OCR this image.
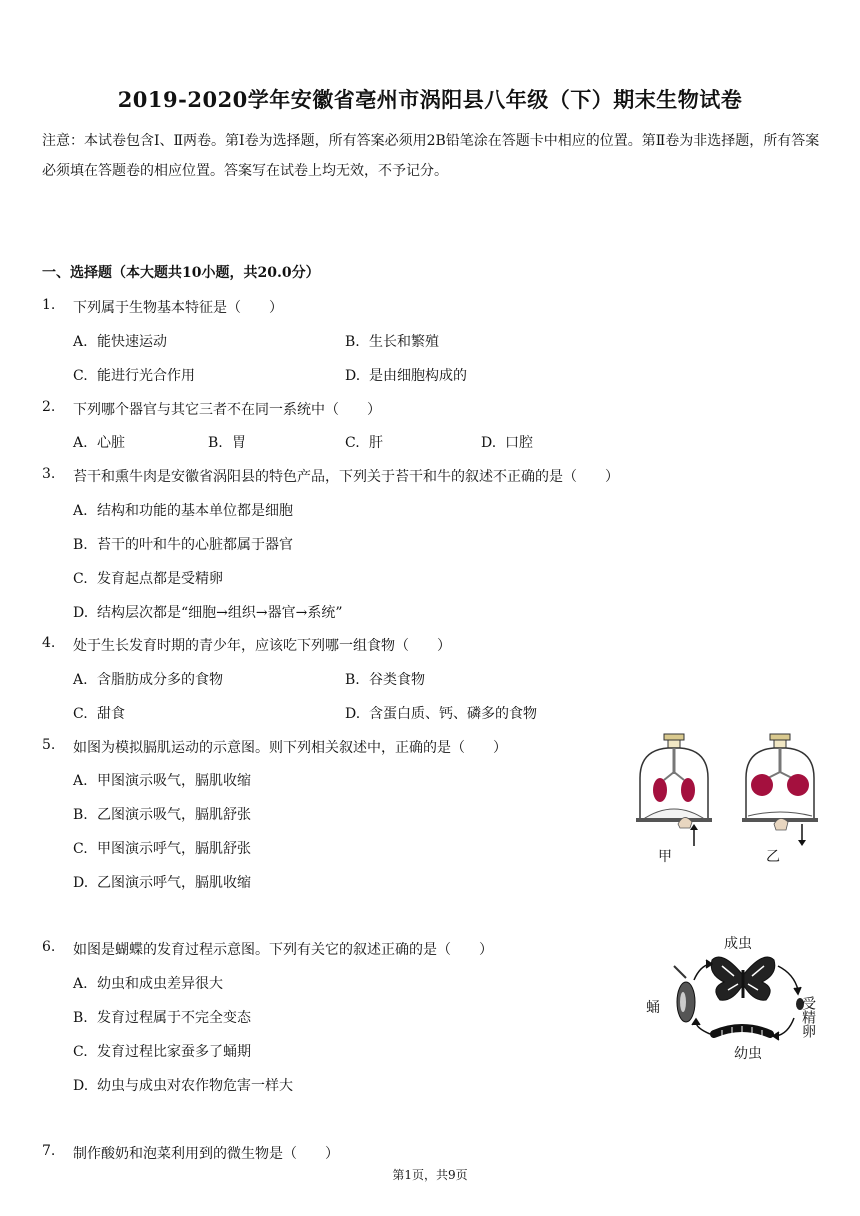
2019-2020学年安徽省亳州市涡阳县八年级（下）期末生物试卷
注意：本试卷包含Ⅰ、Ⅱ两卷。第Ⅰ卷为选择题，所有答案必须用2B铅笔涂在答题卡中相应的位置。第Ⅱ卷为非选择题，所有答案必须填在答题卷的相应位置。答案写在试卷上均无效，不予记分。
一、选择题（本大题共10小题，共20.0分）
1.	下列属于生物基本特征是（　　）
A. 能快速运动	B. 生长和繁殖
C. 能进行光合作用	D. 是由细胞构成的
2.	下列哪个器官与其它三者不在同一系统中（　　）
A. 心脏	B. 胃	C. 肝	D. 口腔
3.	苔干和熏牛肉是安徽省涡阳县的特色产品，下列关于苔干和牛的叙述不正确的是（　　）
A. 结构和功能的基本单位都是细胞
B. 苔干的叶和牛的心脏都属于器官
C. 发育起点都是受精卵
D. 结构层次都是“细胞→组织→器官→系统”
4.	处于生长发育时期的青少年，应该吃下列哪一组食物（　　）
A. 含脂肪成分多的食物	B. 谷类食物
C. 甜食	D. 含蛋白质、钙、磷多的食物
5.	如图为模拟膈肌运动的示意图。则下列相关叙述中，正确的是（　　）
A. 甲图演示吸气，膈肌收缩
B. 乙图演示吸气，膈肌舒张
C. 甲图演示呼气，膈肌舒张
D. 乙图演示呼气，膈肌收缩
甲	乙
6.	如图是蝴蝶的发育过程示意图。下列有关它的叙述正确的是（　　）
A. 幼虫和成虫差异很大
B. 发育过程属于不完全变态
C. 发育过程比家蚕多了蛹期
D. 幼虫与成虫对农作物危害一样大
成虫
蛹	受精卵
幼虫
7.	制作酸奶和泡菜利用到的微生物是（　　）
第1页，共9页
